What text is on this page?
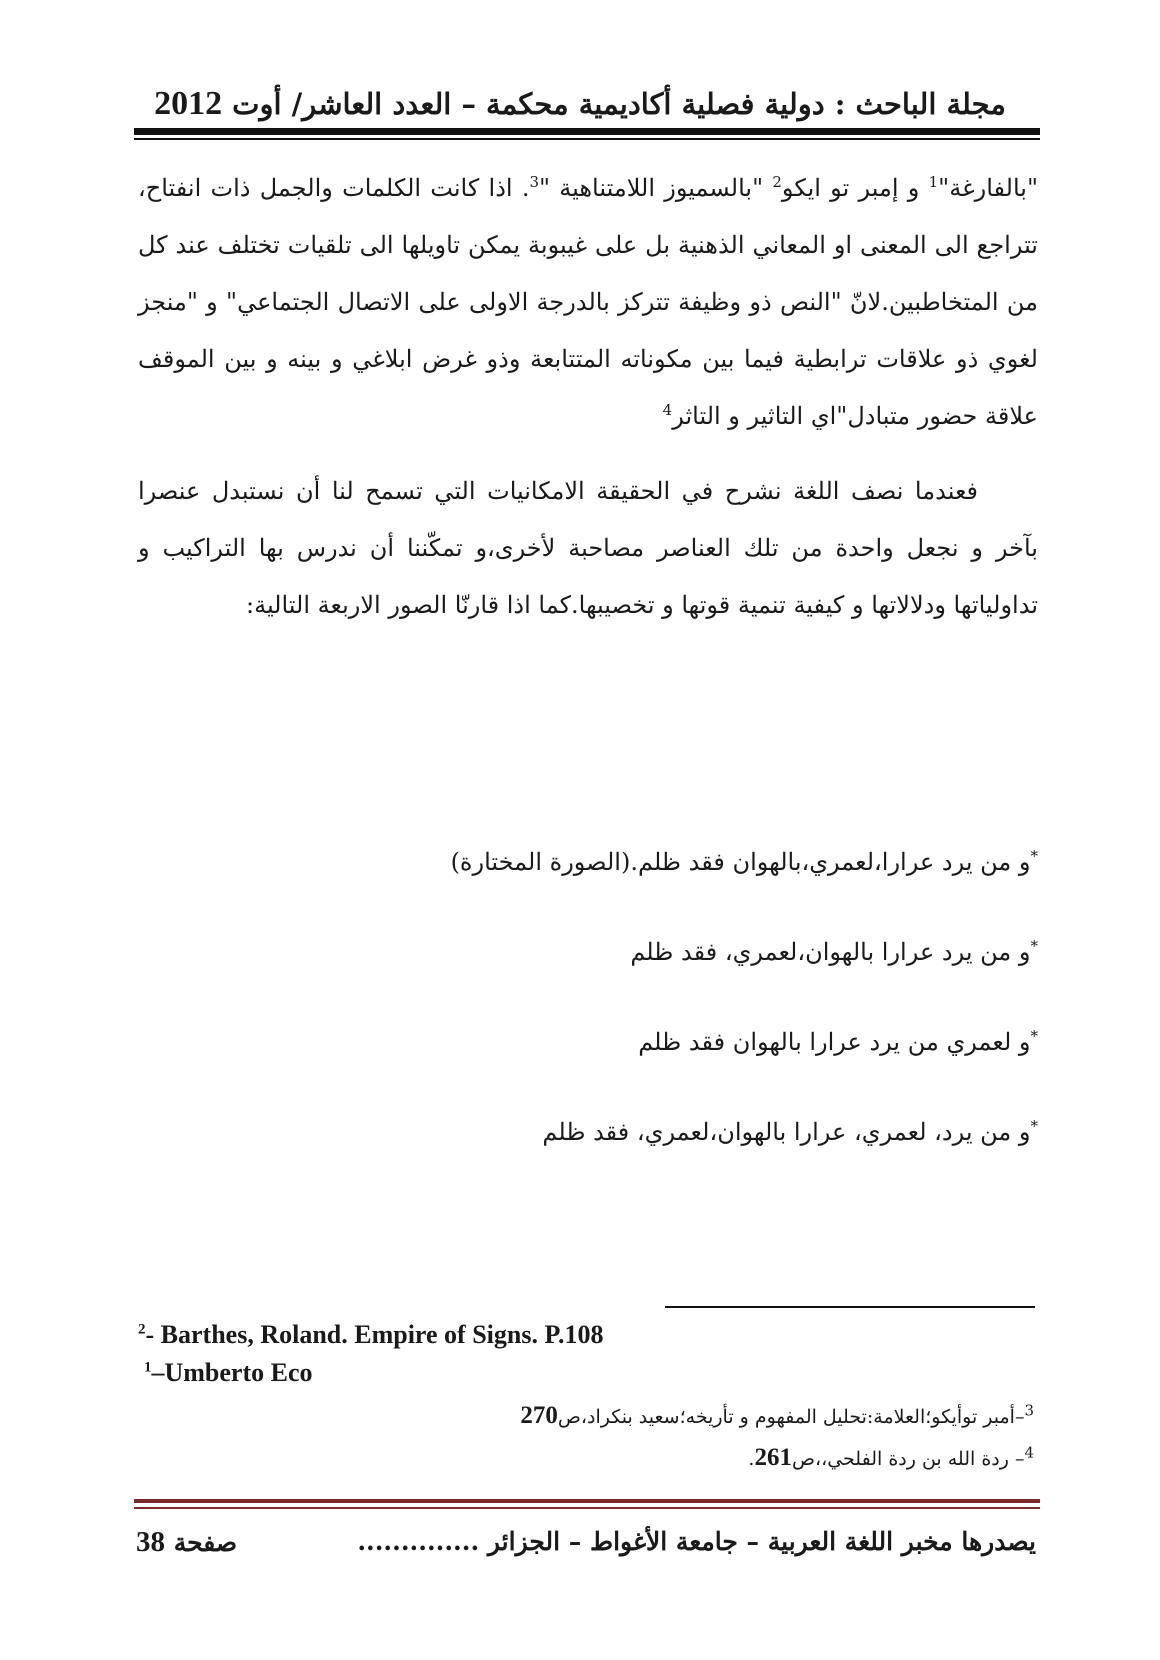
مجلة الباحث : دولية فصلية أكاديمية محكمة – العدد العاشر/ أوت 2012

"بالفارغة"$^1$ و إمبر تو ايكو$^2$ "بالسميوز اللامتناهية "$^3$. اذا كانت الكلمات والجمل ذات انفتاح، تتراجع الى المعنى او المعاني الذهنية بل على غيبوبة يمكن تاويلها الى تلقيات تختلف عند كل من المتخاطبين.لانّ "النص ذو وظيفة تتركز بالدرجة الاولى على الاتصال الجتماعي" و "منجز لغوي ذو علاقات ترابطية فيما بين مكوناته المتتابعة وذو غرض ابلاغي و بينه و بين الموقف علاقة حضور متبادل"اي التاثير و التاثر$^4$

فعندما نصف اللغة نشرح في الحقيقة الامكانيات التي تسمح لنا أن نستبدل عنصرا بآخر و نجعل واحدة من تلك العناصر مصاحبة لأخرى،و تمكّننا أن ندرس بها التراكيب و تداولياتها ودلالاتها و كيفية تنمية قوتها و تخصيبها.كما اذا قارنّا الصور الاربعة التالية:

*و من يرد عرارا،لعمري،بالهوان فقد ظلم.(الصورة المختارة)
*و من يرد عرارا بالهوان،لعمري، فقد ظلم
*و لعمري من يرد عرارا بالهوان فقد ظلم
*و من يرد، لعمري، عرارا بالهوان،لعمري، فقد ظلم
$^2$- Barthes, Roland. Empire of Signs. P.108
$^1$–Umberto Eco
$^3$–أمبر توأيكو؛العلامة:تحليل المفهوم و تأريخه؛سعيد بنكراد،ص270
$^4$– ردة الله بن ردة الفلحي،،ص261.
يصدرها مخبر اللغة العربية – جامعة الأغواط – الجزائر ..............
صفحة 38
